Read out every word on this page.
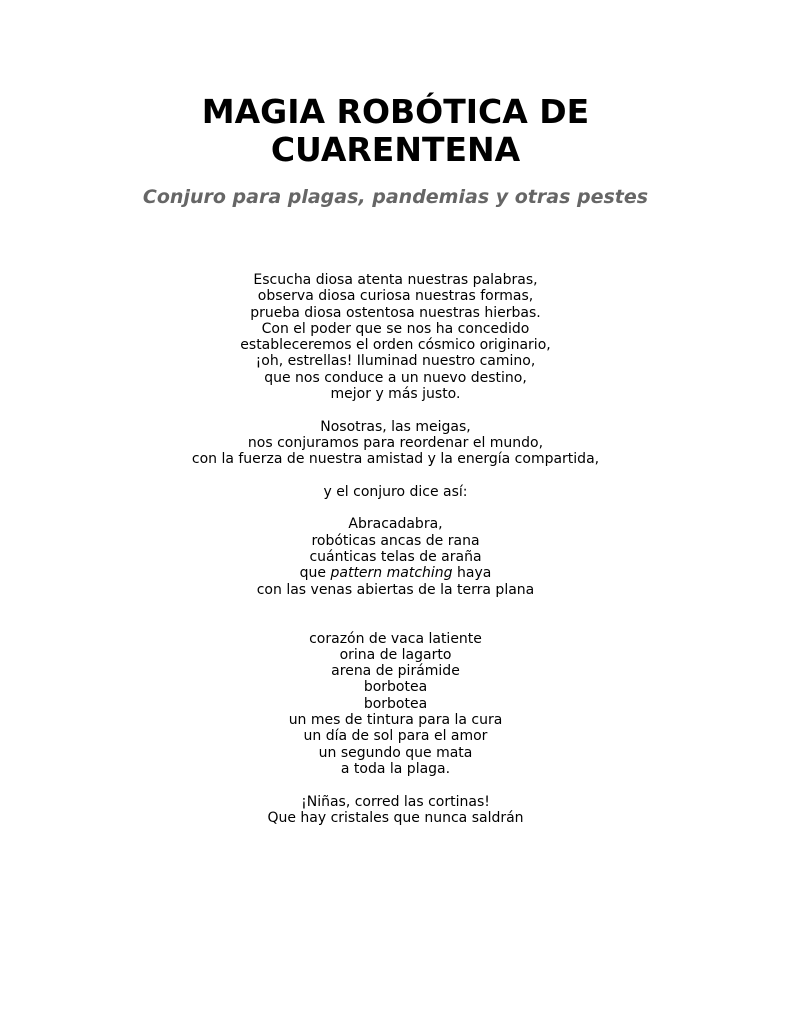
MAGIA ROBÓTICA DE
CUARENTENA
Conjuro para plagas, pandemias y otras pestes
Escucha diosa atenta nuestras palabras,
observa diosa curiosa nuestras formas,
prueba diosa ostentosa nuestras hierbas.
Con el poder que se nos ha concedido
estableceremos el orden cósmico originario,
¡oh, estrellas! Iluminad nuestro camino,
que nos conduce a un nuevo destino,
mejor y más justo.
Nosotras, las meigas,
nos conjuramos para reordenar el mundo,
con la fuerza de nuestra amistad y la energía compartida,
y el conjuro dice así:
Abracadabra,
robóticas ancas de rana
cuánticas telas de araña
que pattern matching haya
con las venas abiertas de la terra plana
corazón de vaca latiente
orina de lagarto
arena de pirámide
borbotea
borbotea
un mes de tintura para la cura
un día de sol para el amor
un segundo que mata
a toda la plaga.
¡Niñas, corred las cortinas!
Que hay cristales que nunca saldrán
